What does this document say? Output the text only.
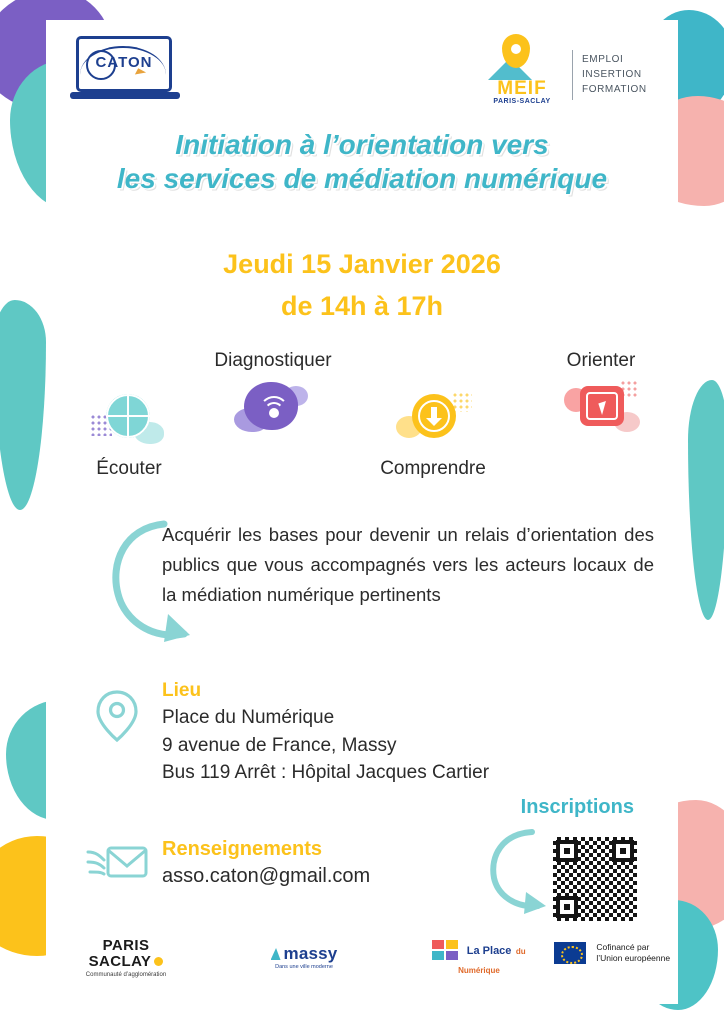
CATON
MEIF
PARIS-SACLAY
EMPLOI
INSERTION
FORMATION
Initiation à l’orientation vers
les services de médiation numérique
Jeudi 15 Janvier 2026
de 14h à 17h
Écouter
Diagnostiquer
Comprendre
Orienter
Acquérir les bases pour devenir un relais d’orientation des publics que vous accompagnés vers les acteurs locaux de la médiation numérique pertinents
Lieu
Place du Numérique
9 avenue de France, Massy
Bus 119 Arrêt : Hôpital Jacques Cartier
Renseignements
asso.caton@gmail.com
Inscriptions
PARIS
SACLAY
Communauté d’agglomération
massy
Dans une ville moderne
La Place du Numérique
Cofinancé par
l’Union européenne
